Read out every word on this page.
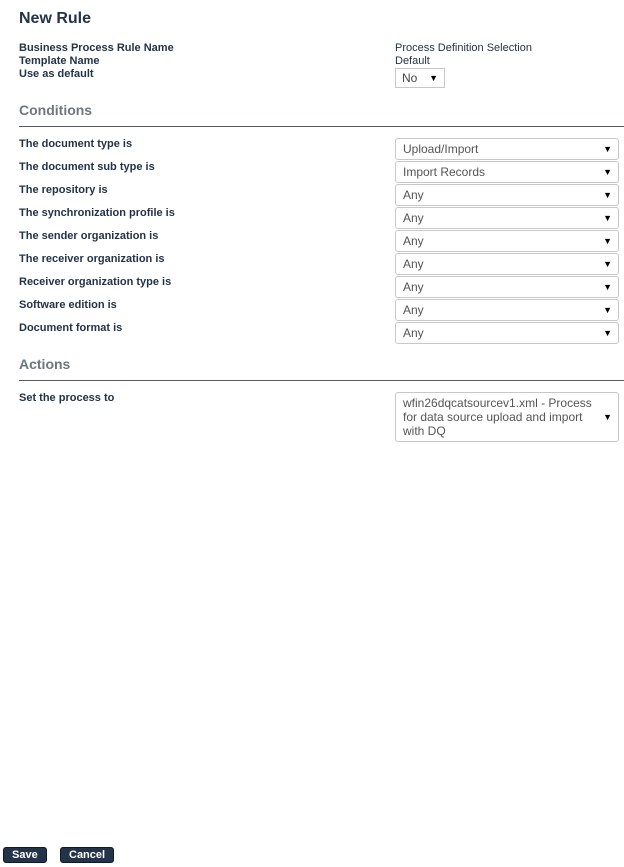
New Rule
Business Process Rule Name	Process Definition Selection
Template Name	Default
Use as default	No ▼
Conditions
The document type is	Upload/Import	▼
The document sub type is	Import Records	▼
The repository is	Any	▼
The synchronization profile is	Any	▼
The sender organization is	Any	▼
The receiver organization is	Any	▼
Receiver organization type is	Any	▼
Software edition is	Any	▼
Document format is	Any	▼
Actions
Set the process to	wfin26dqcatsourcev1.xml - Process  for data source upload and import with DQ
▼
Save	Cancel
